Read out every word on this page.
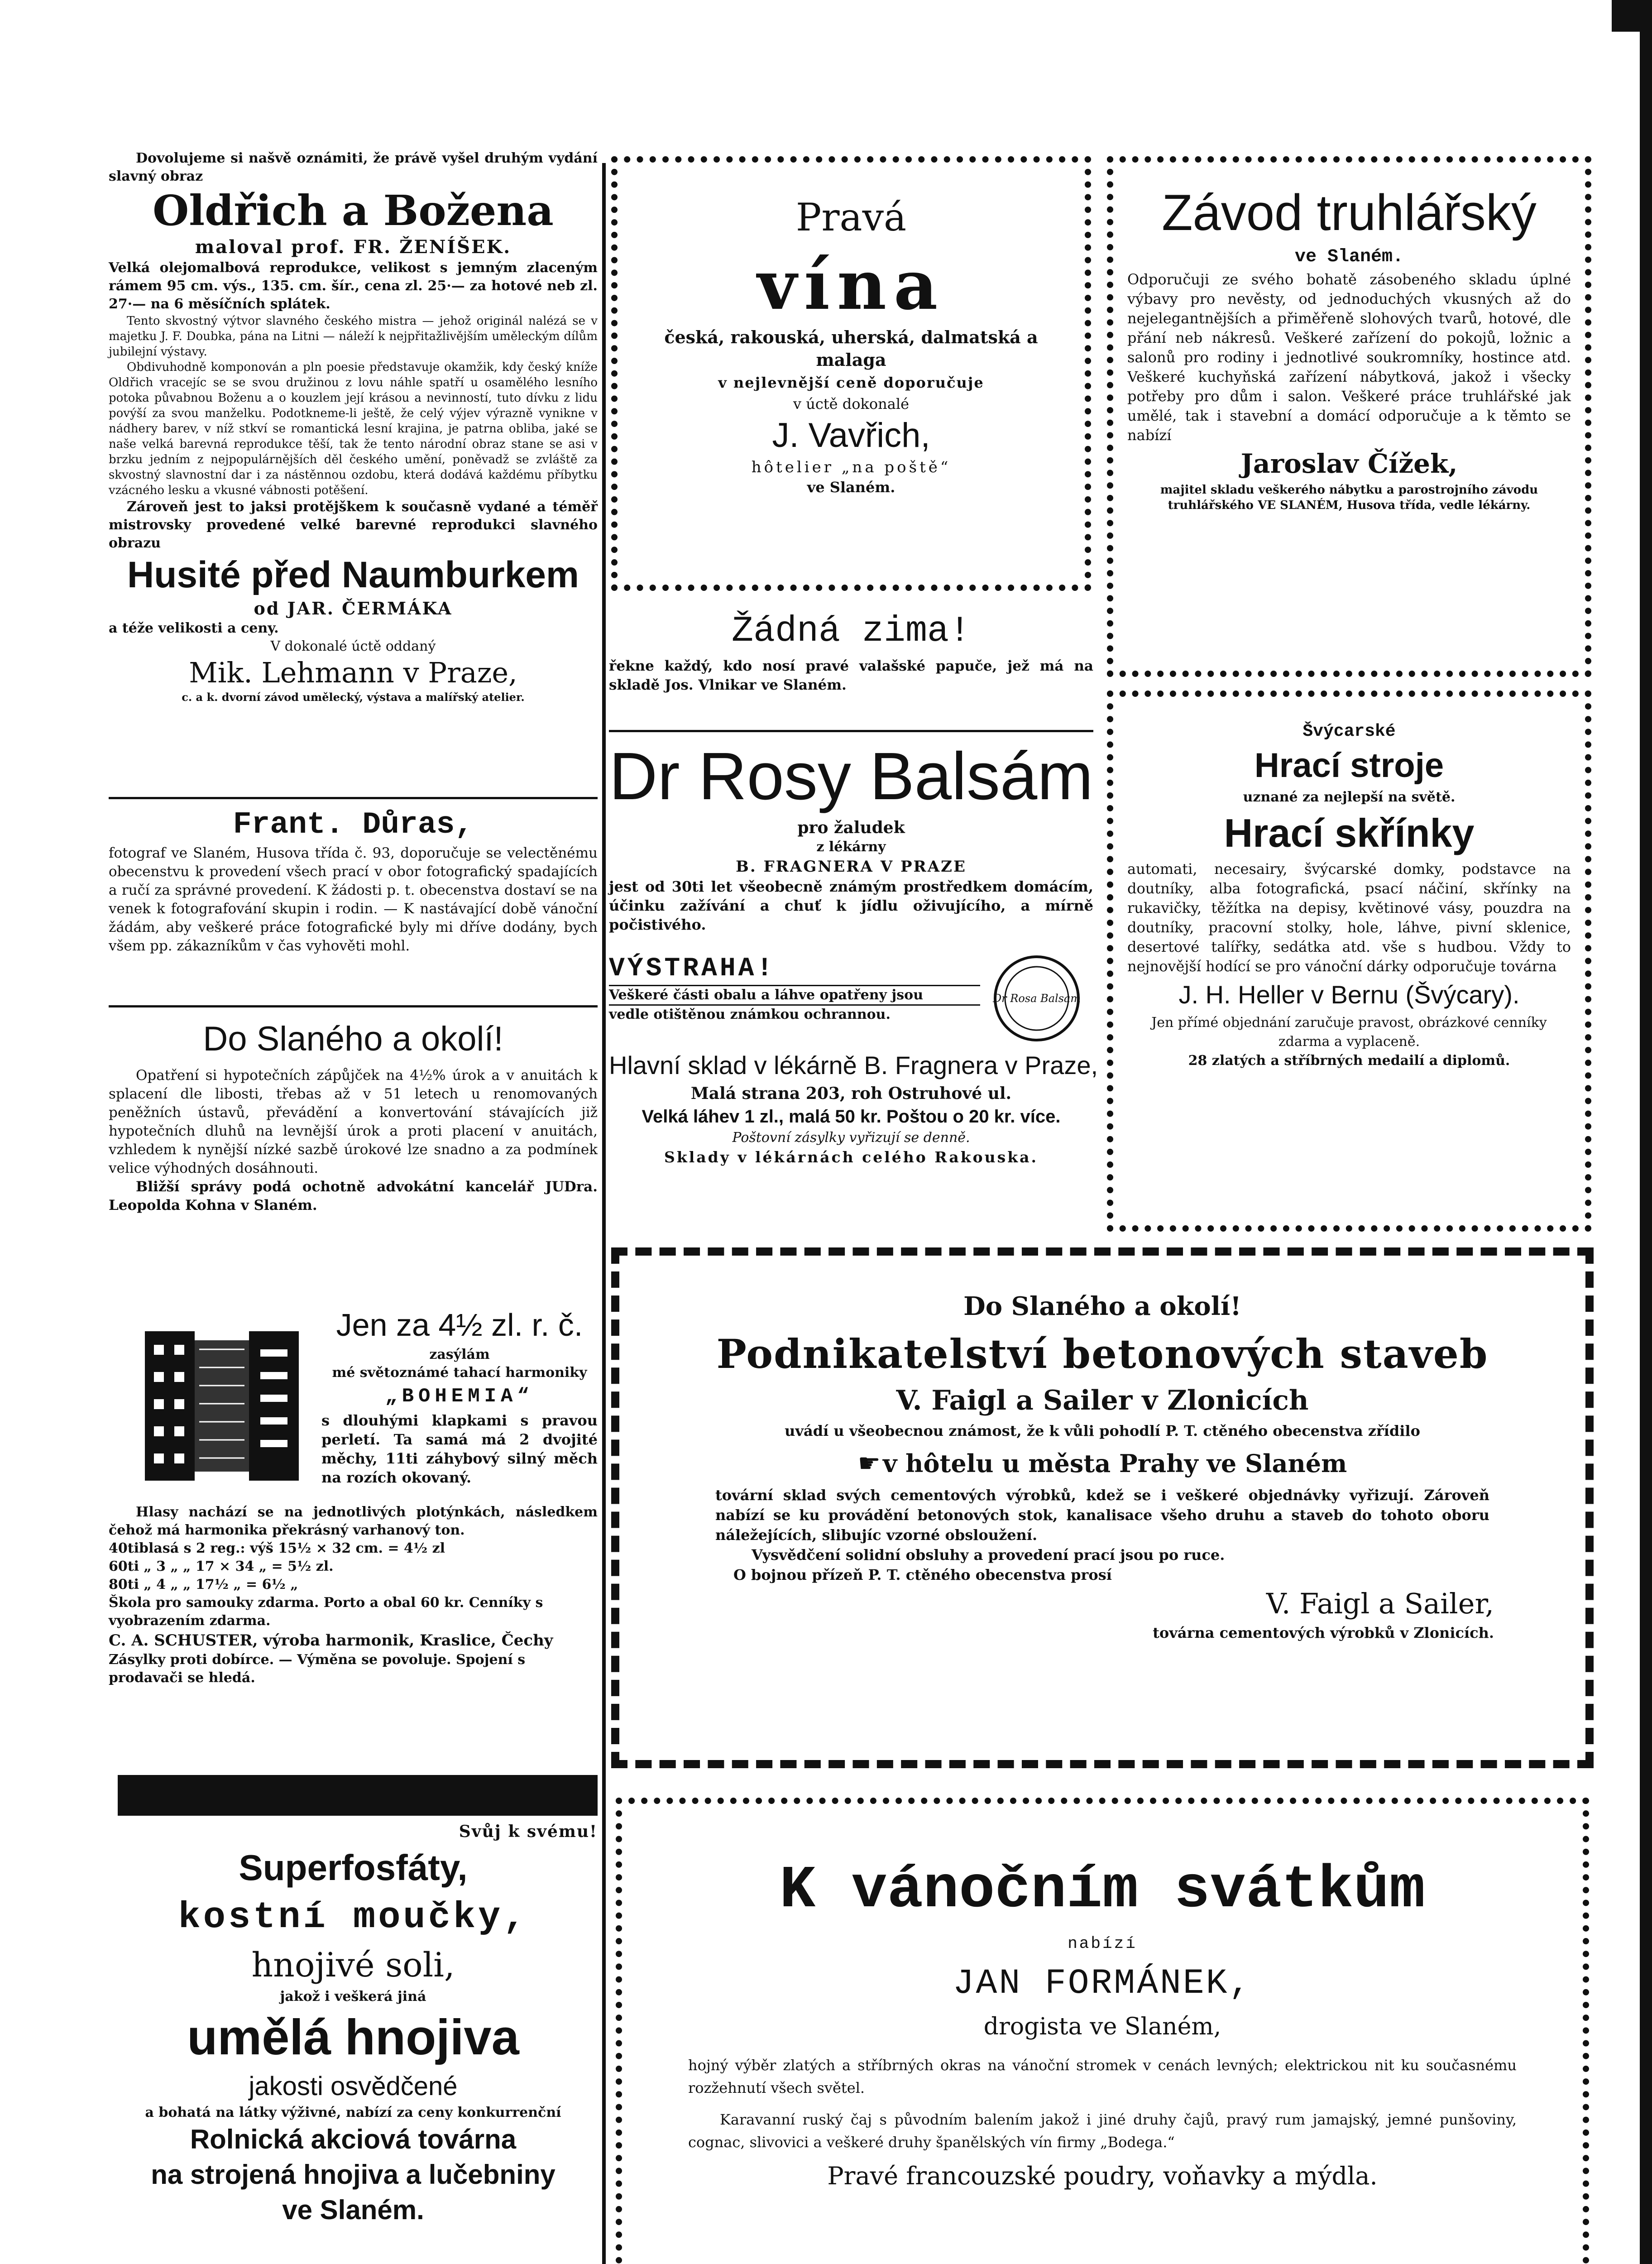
Dovolujeme si našvě oznámiti, že právě vyšel druhým vydání slavný obraz

Oldřich a Božena

maloval prof. FR. ŽENÍŠEK.

Velká olejomalbová reprodukce, velikost s jemným zlaceným rámem 95 cm. výs., 135. cm. šír., cena zl. 25·— za hotové neb zl. 27·— na 6 měsíčních splátek.

Tento skvostný výtvor slavného českého mistra — jehož originál nalézá se v majetku J. F. Doubka, pána na Litni — náleží k nejpřitažlivějším uměleckým dílům jubilejní výstavy.

Obdivuhodně komponován a pln poesie představuje okamžik, kdy český kníže Oldřich vracejíc se se svou družinou z lovu náhle spatří u osamělého lesního potoka půvabnou Boženu a o kouzlem její krásou a nevinností, tuto dívku z lidu povýší za svou manželku. Podotkneme-li ještě, že celý výjev výrazně vynikne v nádhery barev, v níž stkví se romantická lesní krajina, je patrna obliba, jaké se naše velká barevná reprodukce těší, tak že tento národní obraz stane se asi v brzku jedním z nejpopulárnějších děl českého umění, poněvadž se zvláště za skvostný slavnostní dar i za nástěnnou ozdobu, která dodává každému příbytku vzácného lesku a vkusné vábnosti potěšení.

Zároveň jest to jaksi protějškem k současně vydané a téměř mistrovsky provedené velké barevné reprodukci slavného obrazu

Husité před Naumburkem

od JAR. ČERMÁKA

a téže velikosti a ceny.

V dokonalé úctě oddaný

Mik. Lehmann v Praze,

c. a k. dvorní závod umělecký, výstava a malířský atelier.

Frant. Důras,

fotograf ve Slaném, Husova třída č. 93, doporučuje se velectěnému obecenstvu k provedení všech prací v obor fotografický spadajících a ručí za správné provedení. K žádosti p. t. obecenstva dostaví se na venek k fotografování skupin i rodin. — K nastávající době vánoční žádám, aby veškeré práce fotografické byly mi dříve dodány, bych všem pp. zákazníkům v čas vyhověti mohl.

Do Slaného a okolí!

Opatření si hypotečních zápůjček na 4½% úrok a v anuitách k splacení dle libosti, třebas až v 51 letech u renomovaných peněžních ústavů, převádění a konvertování stávajících již hypotečních dluhů na levnější úrok a proti placení v anuitách, vzhledem k nynější nízké sazbě úrokové lze snadno a za podmínek velice výhodných dosáhnouti.

Bližší správy podá ochotně advokátní kancelář JUDra. Leopolda Kohna v Slaném.

Jen za 4½ zl. r. č.

zasýlám

mé světoznámé tahací harmoniky

„BOHEMIA“

s dlouhými klapkami s pravou perletí. Ta samá má 2 dvojité měchy, 11ti záhybový silný měch na rozích okovaný.

Hlasy nachází se na jednotlivých plotýnkách, následkem čehož má harmonika překrásný varhanový ton.

40tiblasá s 2 reg.: výš 15½ × 32 cm. = 4½ zl

60ti „ 3 „ „ 17 × 34 „ = 5½ zl.

80ti „ 4 „ „ 17½ „ = 6½ „

Škola pro samouky zdarma. Porto a obal 60 kr. Cenníky s vyobrazením zdarma.

C. A. SCHUSTER, výroba harmonik, Kraslice, Čechy

Zásylky proti dobírce. — Výměna se povoluje. Spojení s prodavači se hledá.

Svůj k svému!

Superfosfáty,

kostní moučky,

hnojivé soli,

jakož i veškerá jiná

umělá hnojiva

jakosti osvědčené

a bohatá na látky výživné, nabízí za ceny konkurrenční

Rolnická akciová továrna

na strojená hnojiva a lučebniny

ve Slaném.

Pravá

vína

česká, rakouská, uherská, dalmatská a malaga

v nejlevnější ceně doporučuje

v úctě dokonalé

J. Vavřich,

hôtelier „na poště“

ve Slaném.

Žádná zima!

řekne každý, kdo nosí pravé valašské papuče, jež má na skladě Jos. Vlnikar ve Slaném.

Dr Rosy Balsám

pro žaludek

z lékárny

B. FRAGNERA V PRAZE

jest od 30ti let všeobecně známým prostředkem domácím, účinku zažívání a chuť k jídlu oživujícího, a mírně počistivého.

VÝSTRAHA!

Veškeré části obalu a láhve opatřeny jsou

vedle otištěnou známkou ochrannou.

Dr Rosa Balsam

Hlavní sklad v lékárně B. Fragnera v Praze,

Malá strana 203, roh Ostruhové ul.

Velká láhev 1 zl., malá 50 kr. Poštou o 20 kr. více.

Poštovní zásylky vyřizují se denně.

Sklady v lékárnách celého Rakouska.

Závod truhlářský

ve Slaném.

Odporučuji ze svého bohatě zásobeného skladu úplné výbavy pro nevěsty, od jednoduchých vkusných až do nejelegantnějších a přiměřeně slohových tvarů, hotové, dle přání neb nákresů. Veškeré zařízení do pokojů, ložnic a salonů pro rodiny i jednotlivé soukromníky, hostince atd. Veškeré kuchyňská zařízení nábytková, jakož i všecky potřeby pro dům i salon. Veškeré práce truhlářské jak umělé, tak i stavební a domácí odporučuje a k těmto se nabízí

Jaroslav Čížek,

majitel skladu veškerého nábytku a parostrojního závodu truhlářského VE SLANÉM, Husova třída, vedle lékárny.

Švýcarské

Hrací stroje

uznané za nejlepší na světě.

Hrací skřínky

automati, necesairy, švýcarské domky, podstavce na doutníky, alba fotografická, psací náčiní, skřínky na rukavičky, těžítka na depisy, květinové vásy, pouzdra na doutníky, pracovní stolky, hole, láhve, pivní sklenice, desertové talířky, sedátka atd. vše s hudbou. Vždy to nejnovější hodící se pro vánoční dárky odporučuje továrna

J. H. Heller v Bernu (Švýcary).

Jen přímé objednání zaručuje pravost, obrázkové cenníky zdarma a vyplaceně.

28 zlatých a stříbrných medailí a diplomů.

Do Slaného a okolí!

Podnikatelství betonových staveb

V. Faigl a Sailer v Zlonicích

uvádí u všeobecnou známost, že k vůli pohodlí P. T. ctěného obecenstva zřídilo

☛ v hôtelu u města Prahy ve Slaném

tovární sklad svých cementových výrobků, kdež se i veškeré objednávky vyřizují. Zároveň nabízí se ku provádění betonových stok, kanalisace všeho druhu a staveb do tohoto oboru náležejících, slibujíc vzorné obsloužení.

Vysvědčení solidní obsluhy a provedení prací jsou po ruce.

O bojnou přízeň P. T. ctěného obecenstva prosí

V. Faigl a Sailer,

továrna cementových výrobků v Zlonicích.

K vánočním svátkům

nabízí

JAN FORMÁNEK,

drogista ve Slaném,

hojný výběr zlatých a stříbrných okras na vánoční stromek v cenách levných; elektrickou nit ku současnému rozžehnutí všech světel.

Karavanní ruský čaj s původním balením jakož i jiné druhy čajů, pravý rum jamajský, jemné punšoviny, cognac, slivovici a veškeré druhy španělských vín firmy „Bodega.“

Pravé francouzské poudry, voňavky a mýdla.
